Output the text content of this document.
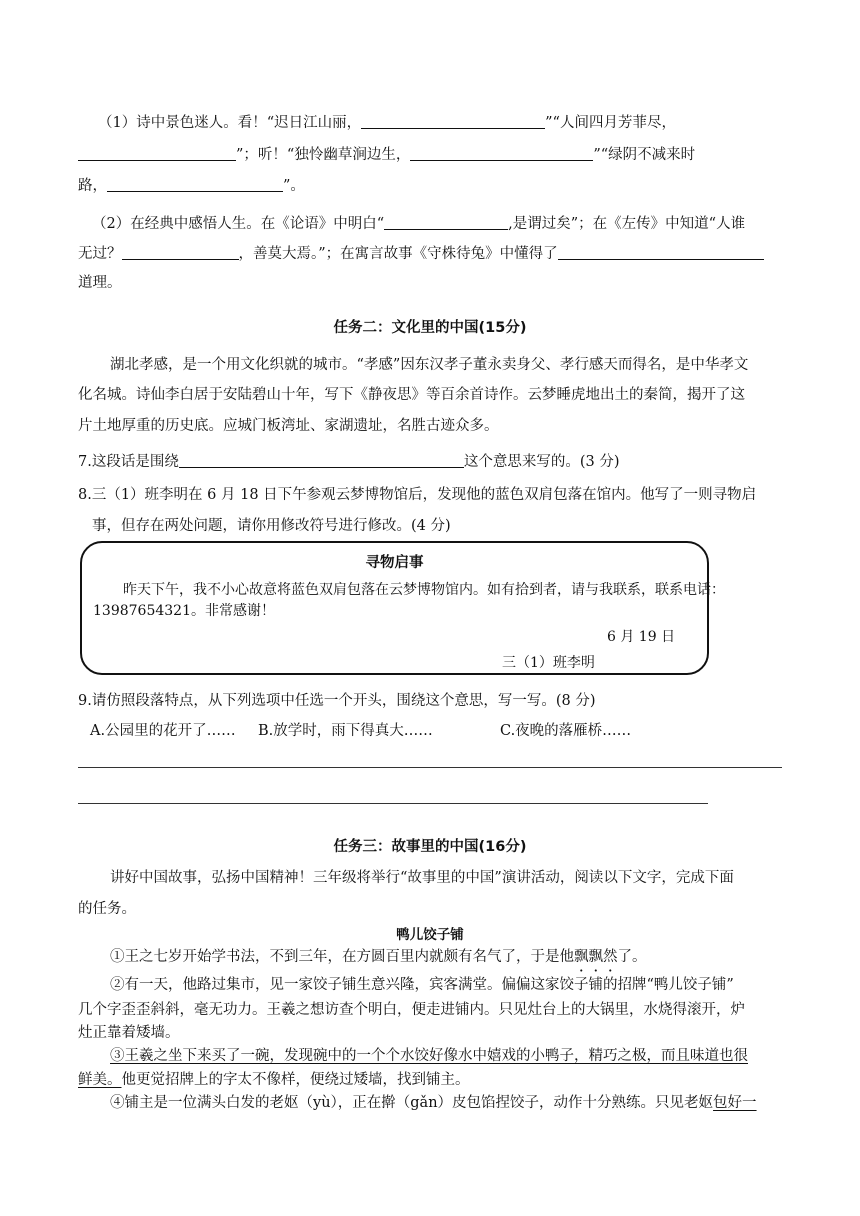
（1）诗中景色迷人。看！“迟日江山丽，	”“人间四月芳菲尽，
”；听！“独怜幽草涧边生，	”“绿阴不减来时
路，	”。
（2）在经典中感悟人生。在《论语》中明白“	,是谓过矣”；在《左传》中知道“人谁
无过？	，善莫大焉。”；在寓言故事《守株待兔》中懂得了
道理。
任务二：文化里的中国(15分)
湖北孝感，是一个用文化织就的城市。“孝感”因东汉孝子董永卖身父、孝行感天而得名，是中华孝文
化名城。诗仙李白居于安陆碧山十年，写下《静夜思》等百余首诗作。云梦睡虎地出土的秦简，揭开了这
片土地厚重的历史底。应城门板湾址、家湖遗址，名胜古迹众多。
7.这段话是围绕	这个意思来写的。(3 分)
8.三（1）班李明在 6 月 18 日下午参观云梦博物馆后，发现他的蓝色双肩包落在馆内。他写了一则寻物启
事，但存在两处问题，请你用修改符号进行修改。(4 分)
寻物启事
昨天下午，我不小心故意将蓝色双肩包落在云梦博物馆内。如有拾到者，请与我联系，联系电话：
13987654321。非常感谢！
6 月 19 日
三（1）班李明
9.请仿照段落特点，从下列选项中任选一个开头，围绕这个意思，写一写。(8 分)
A.公园里的花开了…… B.放学时，雨下得真大……	C.夜晚的落雁桥……
任务三：故事里的中国(16分)
讲好中国故事，弘扬中国精神！三年级将举行“故事里的中国”演讲活动，阅读以下文字，完成下面
的任务。
鸭儿饺子铺
①王之七岁开始学书法，不到三年，在方圆百里内就颇有名气了，于是他飘飘然了。
②有一天，他路过集市，见一家饺子铺生意兴隆，宾客满堂。偏偏这家饺子铺的招牌“鸭儿饺子铺”
几个字歪歪斜斜，毫无功力。王羲之想访查个明白，便走进铺内。只见灶台上的大锅里，水烧得滚开，炉
灶正靠着矮墙。
③王羲之坐下来买了一碗，发现碗中的一个个水饺好像水中嬉戏的小鸭子，精巧之极，而且味道也很
鲜美。他更觉招牌上的字太不像样，便绕过矮墙，找到铺主。
④铺主是一位满头白发的老妪（yù），正在擀（gǎn）皮包馅捏饺子，动作十分熟练。只见老妪包好一
